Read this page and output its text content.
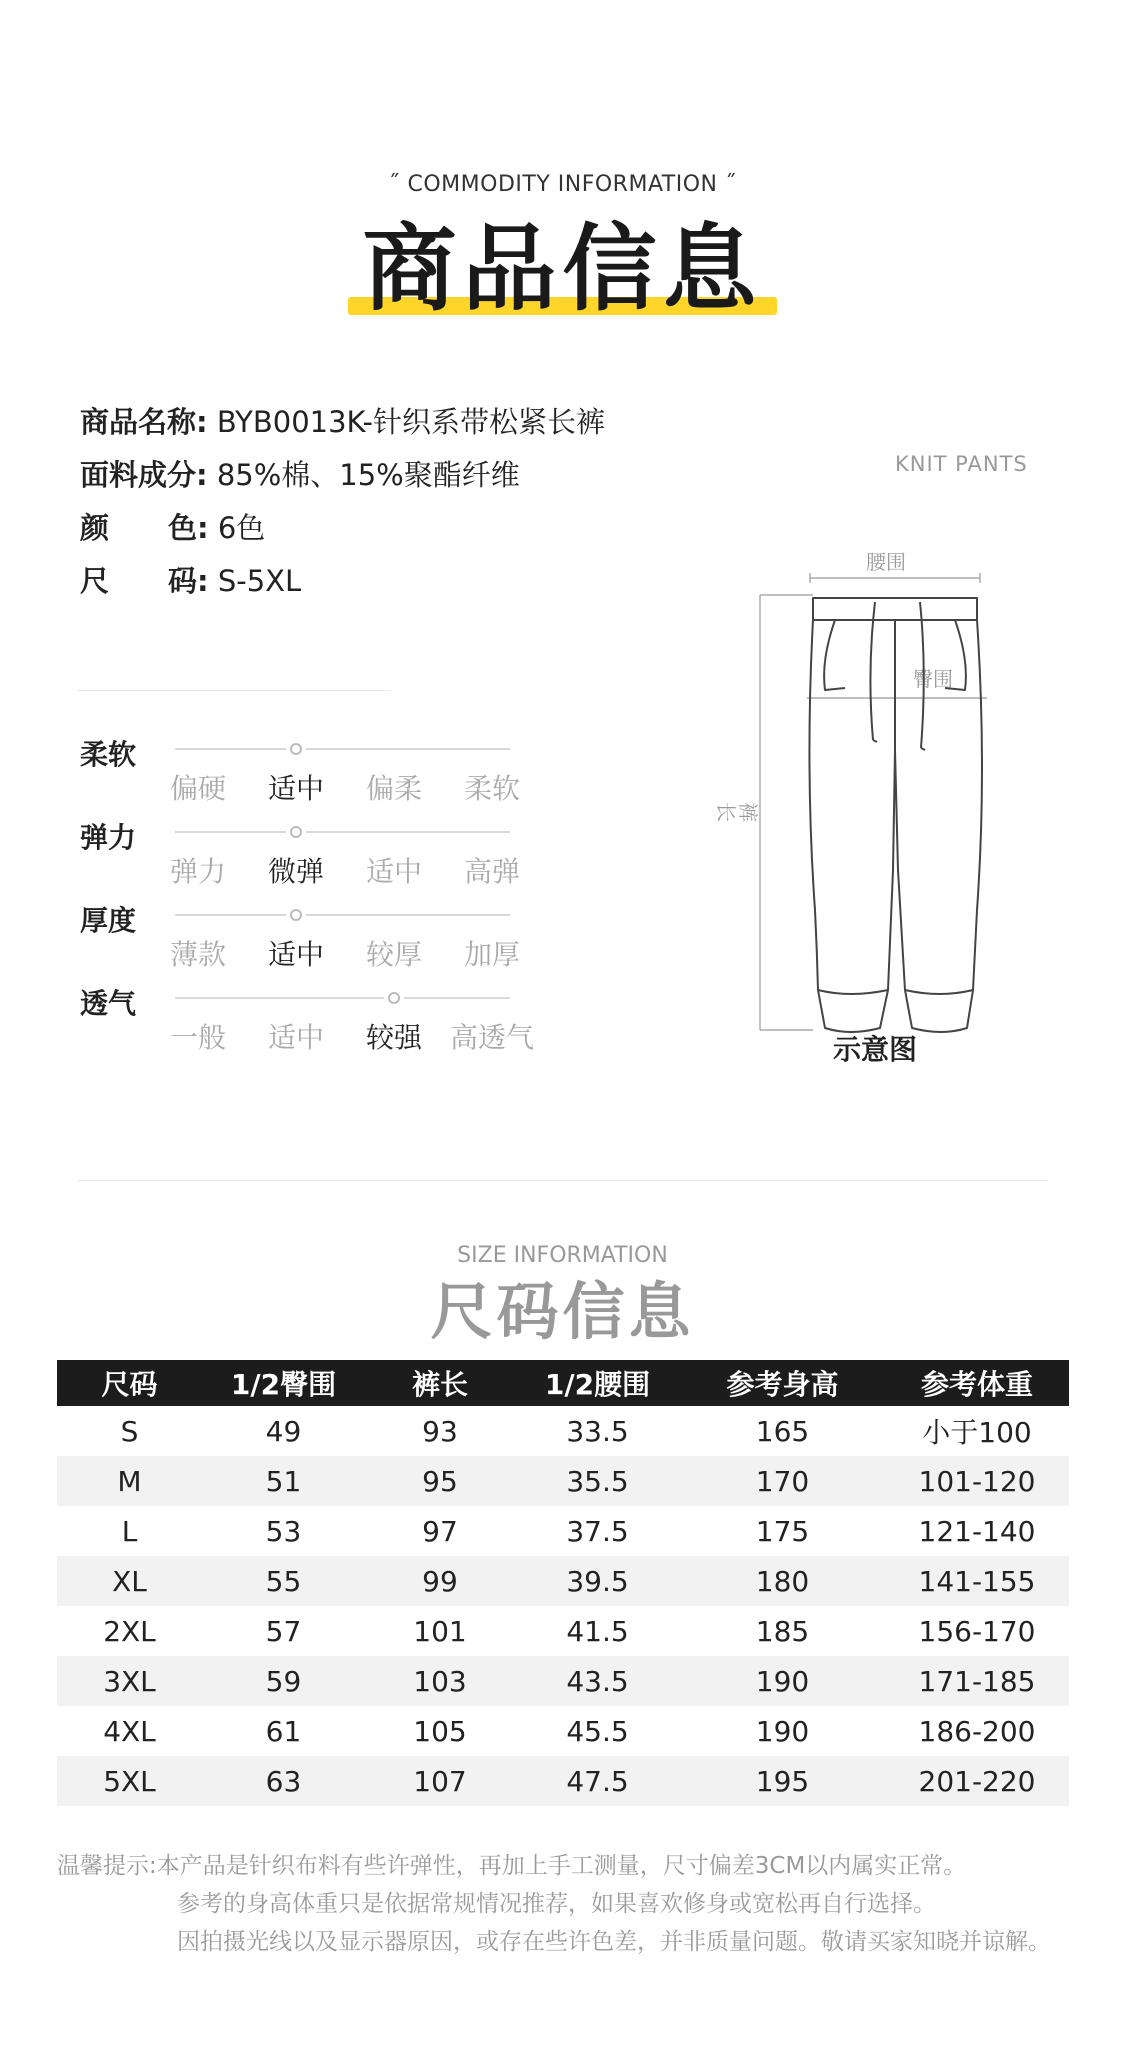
˝ COMMODITY INFORMATION ˝
商品信息
商品名称: BYB0013K-针织系带松紧长裤
面料成分: 85%棉、15%聚酯纤维
颜 色: 6色
尺 码: S-5XL
柔软
偏硬	适中	偏柔	柔软
弹力
弹力	微弹	适中	高弹
厚度
薄款	适中	较厚	加厚
透气
一般	适中	较强 高透气
KNIT PANTS
腰围
臀围
裤长
示意图
SIZE INFORMATION
尺码信息
尺码	1/2臀围	裤长	1/2腰围	参考身高	参考体重
S	49	93	33.5	165	小于100
M	51	95	35.5	170	101-120
L	53	97	37.5	175	121-140
XL	55	99	39.5	180	141-155
2XL	57	101	41.5	185	156-170
3XL	59	103	43.5	190	171-185
4XL	61	105	45.5	190	186-200
5XL	63	107	47.5	195	201-220
温馨提示:本产品是针织布料有些许弹性，再加上手工测量，尺寸偏差3CM以内属实正常。
参考的身高体重只是依据常规情况推荐，如果喜欢修身或宽松再自行选择。
因拍摄光线以及显示器原因，或存在些许色差，并非质量问题。敬请买家知晓并谅解。
